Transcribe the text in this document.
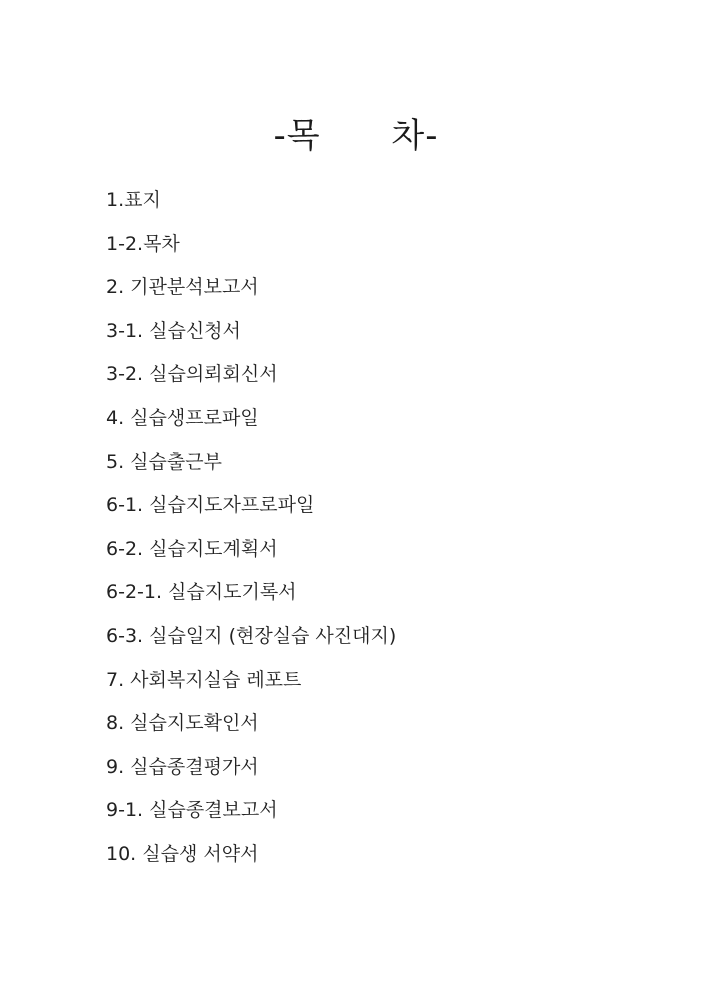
-목      차-
1.표지
1-2.목차
2. 기관분석보고서
3-1. 실습신청서
3-2. 실습의뢰회신서
4. 실습생프로파일
5. 실습출근부
6-1. 실습지도자프로파일
6-2. 실습지도계획서
6-2-1. 실습지도기록서
6-3. 실습일지 (현장실습 사진대지)
7. 사회복지실습 레포트
8. 실습지도확인서
9. 실습종결평가서
9-1. 실습종결보고서
10. 실습생 서약서
